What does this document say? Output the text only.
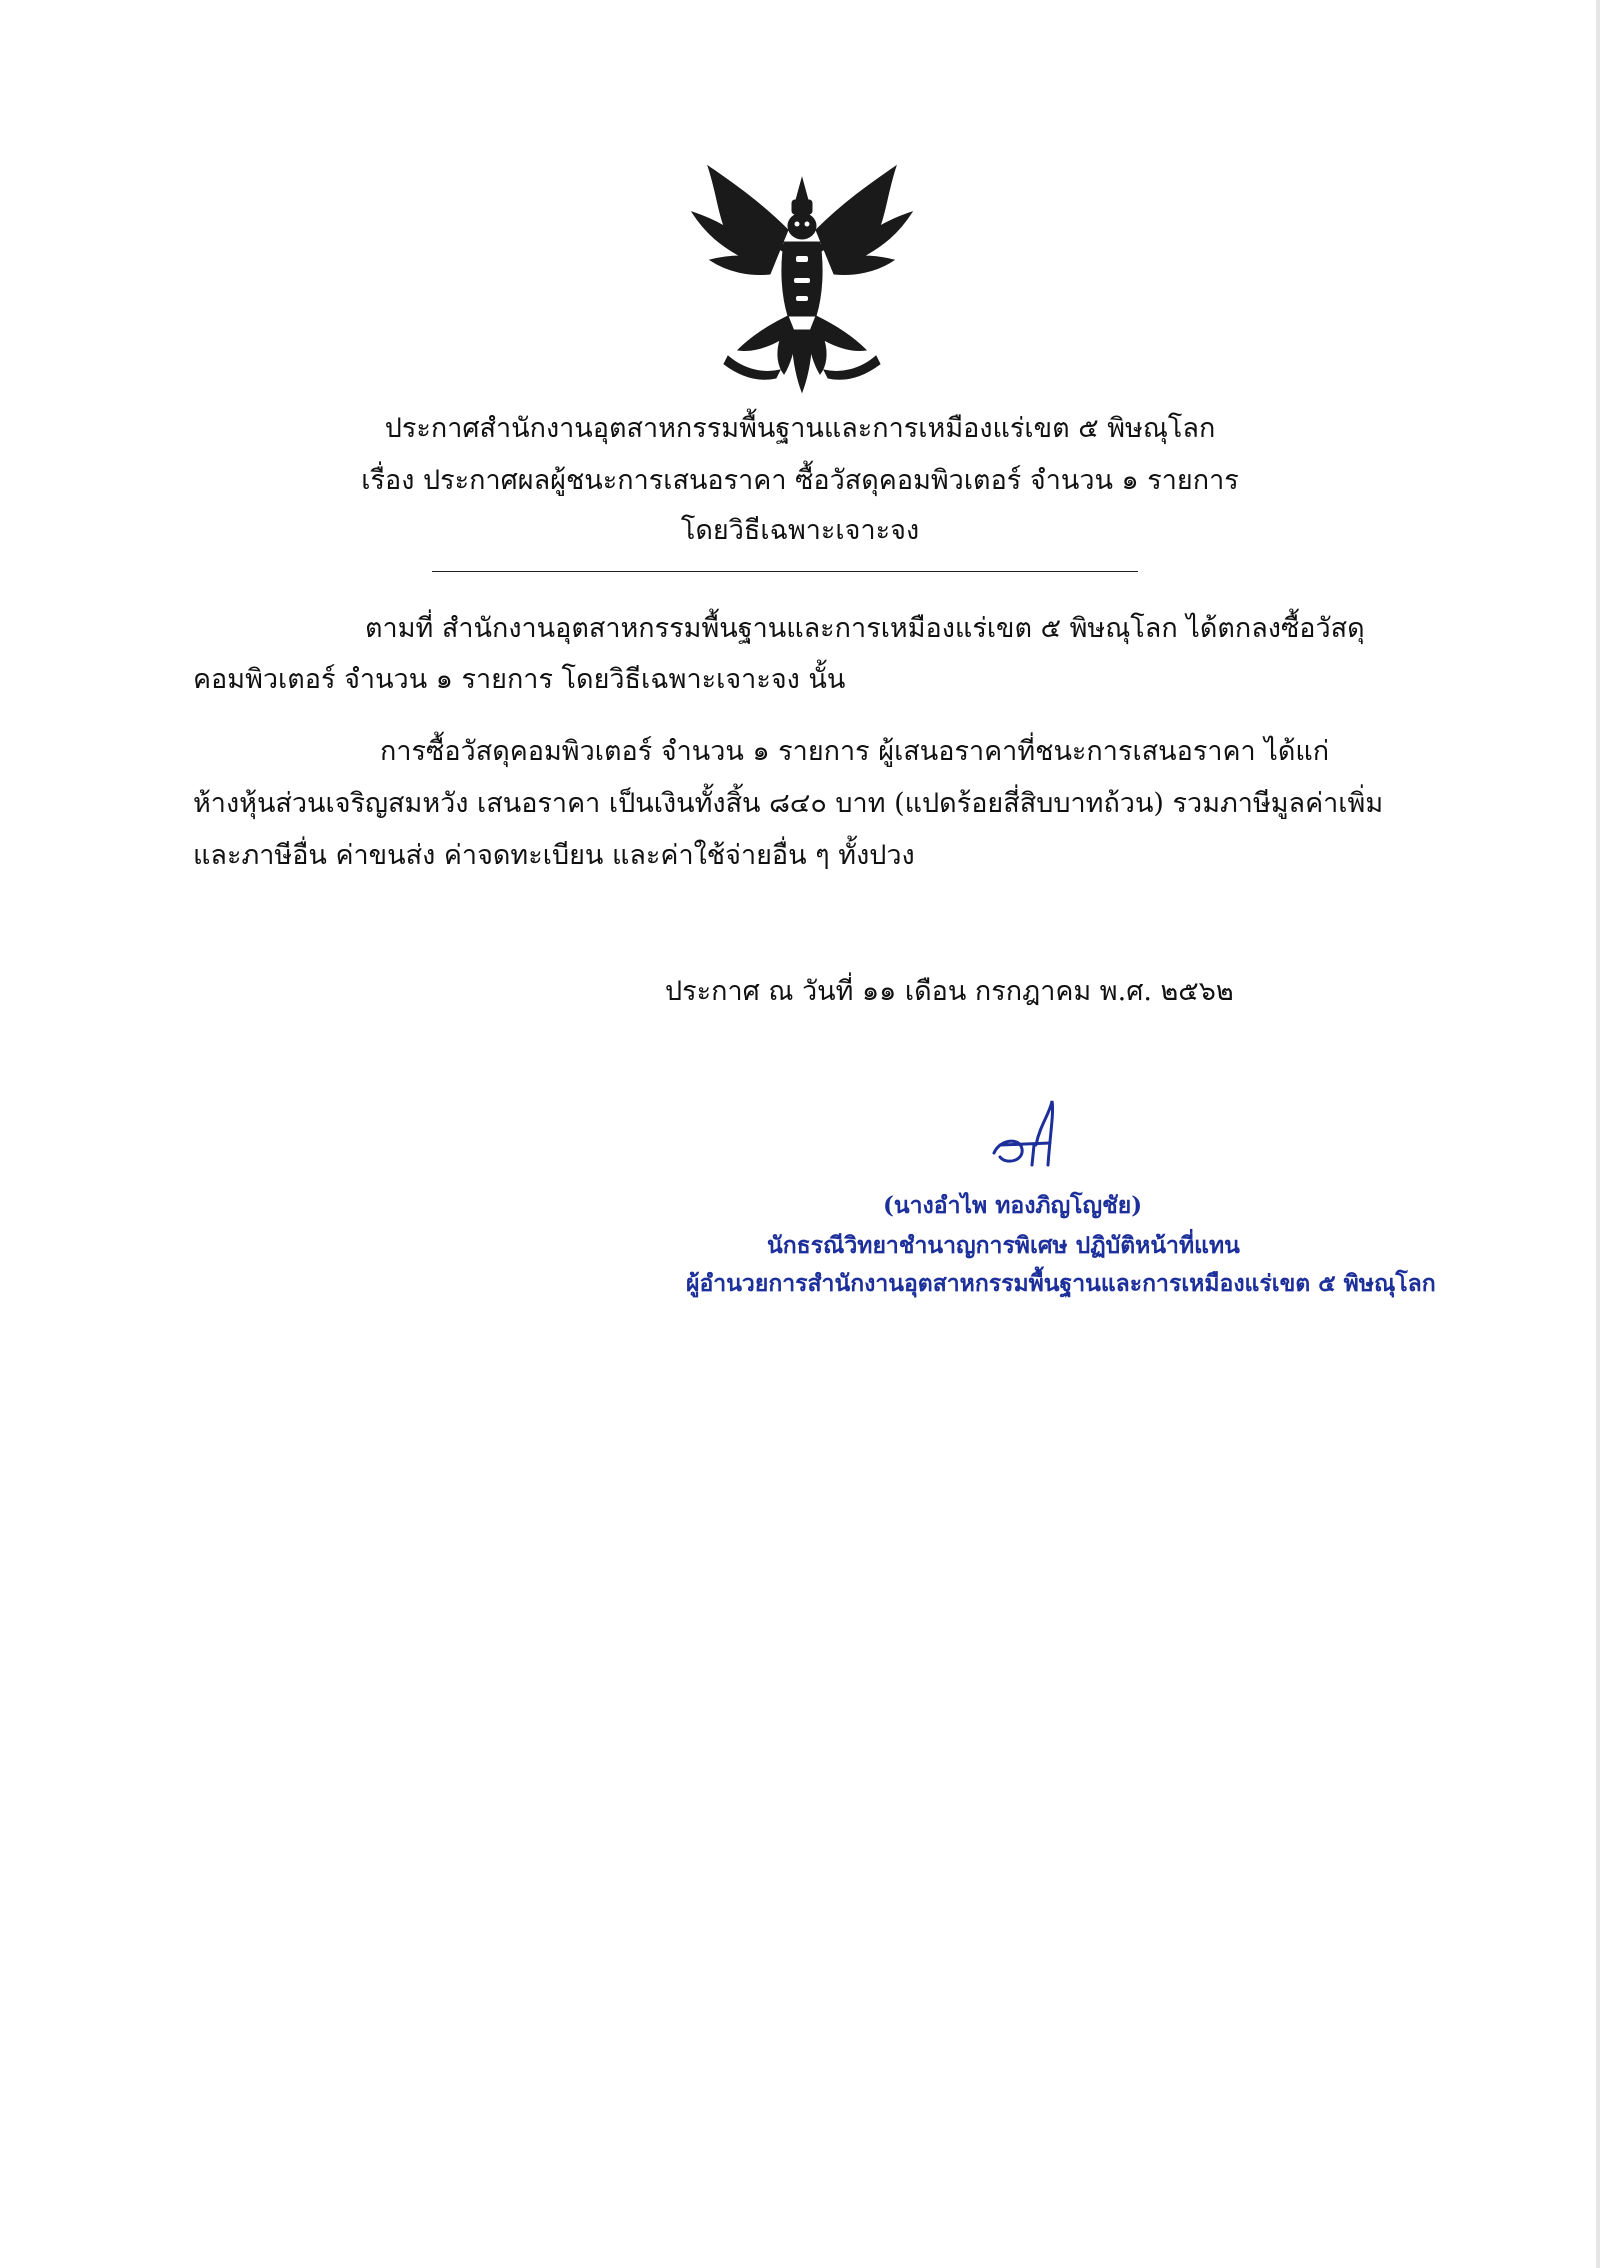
ประกาศสำนักงานอุตสาหกรรมพื้นฐานและการเหมืองแร่เขต ๕ พิษณุโลก
เรื่อง ประกาศผลผู้ชนะการเสนอราคา ซื้อวัสดุคอมพิวเตอร์ จำนวน ๑ รายการ
โดยวิธีเฉพาะเจาะจง
ตามที่ สำนักงานอุตสาหกรรมพื้นฐานและการเหมืองแร่เขต ๕ พิษณุโลก ได้ตกลงซื้อวัสดุ
คอมพิวเตอร์ จำนวน ๑ รายการ โดยวิธีเฉพาะเจาะจง นั้น
การซื้อวัสดุคอมพิวเตอร์ จำนวน ๑ รายการ ผู้เสนอราคาที่ชนะการเสนอราคา ได้แก่
ห้างหุ้นส่วนเจริญสมหวัง เสนอราคา เป็นเงินทั้งสิ้น ๘๔๐ บาท (แปดร้อยสี่สิบบาทถ้วน) รวมภาษีมูลค่าเพิ่ม
และภาษีอื่น ค่าขนส่ง ค่าจดทะเบียน และค่าใช้จ่ายอื่น ๆ ทั้งปวง
ประกาศ ณ วันที่ ๑๑ เดือน กรกฎาคม พ.ศ. ๒๕๖๒
(นางอำไพ ทองภิญโญชัย)
นักธรณีวิทยาชำนาญการพิเศษ ปฏิบัติหน้าที่แทน
ผู้อำนวยการสำนักงานอุตสาหกรรมพื้นฐานและการเหมืองแร่เขต ๕ พิษณุโลก
